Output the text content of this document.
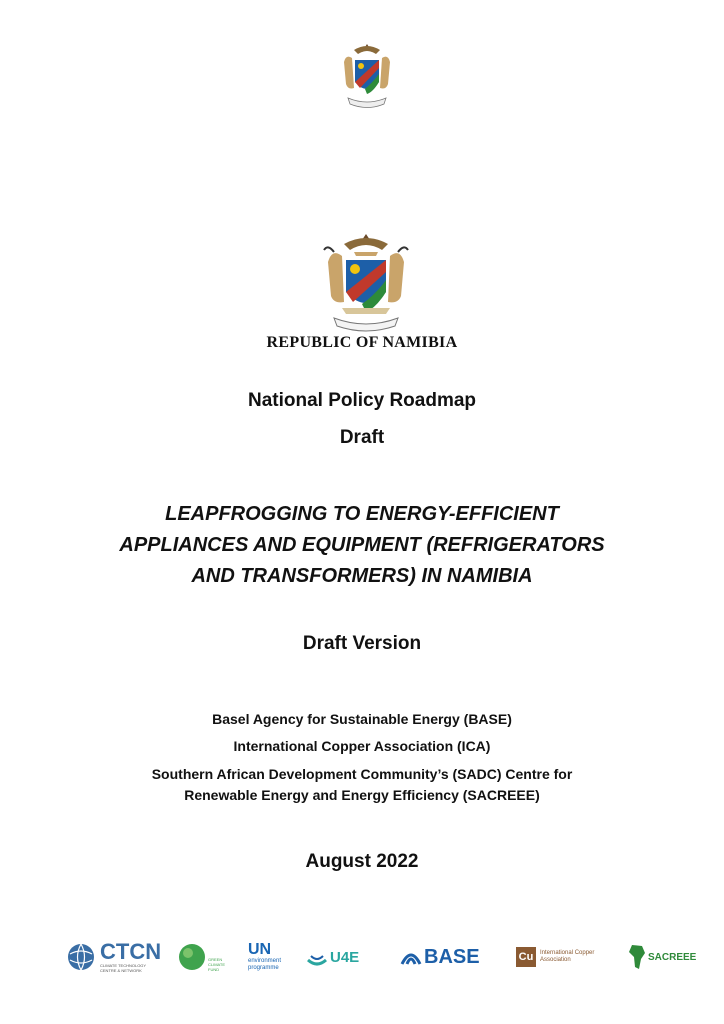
REPUBLIC OF NAMIBIA
National Policy Roadmap
Draft
LEAPFROGGING TO ENERGY-EFFICIENT
APPLIANCES AND EQUIPMENT (REFRIGERATORS
AND TRANSFORMERS) IN NAMIBIA
Draft Version
Basel Agency for Sustainable Energy (BASE)
International Copper Association (ICA)
Southern African Development Community’s (SADC) Centre for
Renewable Energy and Energy Efficiency (SACREEE)
August 2022
CTCN
CLIMATE TECHNOLOGY CENTRE & NETWORK
GREEN CLIMATE FUND
UN
environment programme
U4E	BASE	Cu	International Copper Association	SACREEE
